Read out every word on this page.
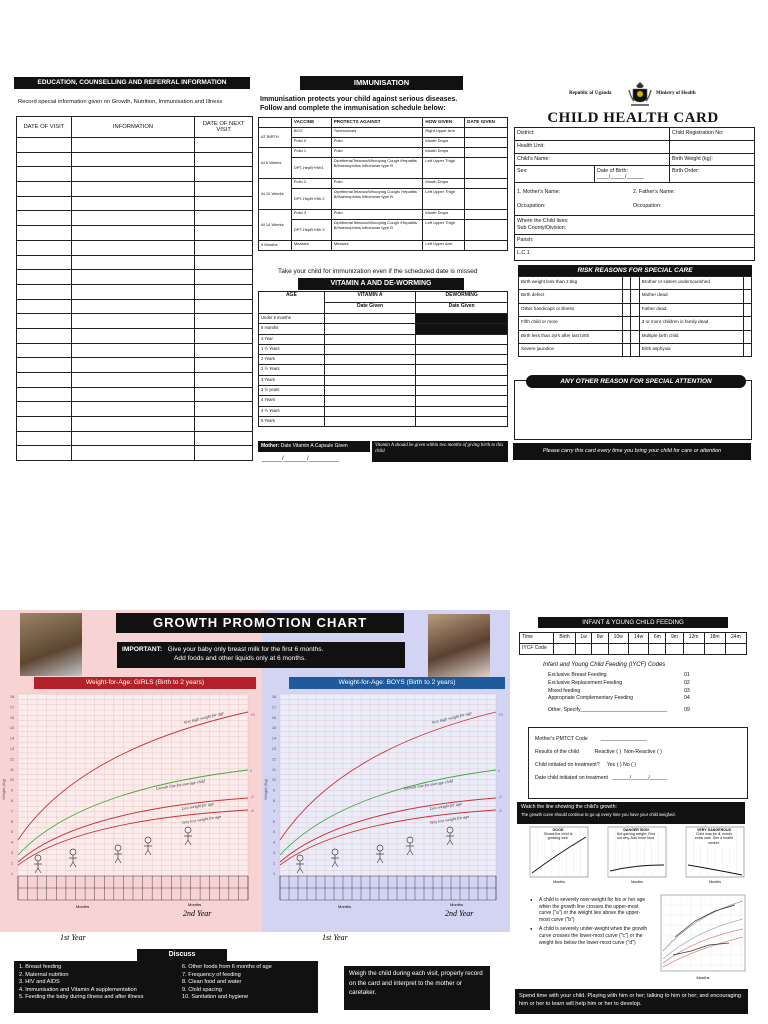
EDUCATION, COUNSELLING AND REFERRAL INFORMATION
Record special information given on Growth, Nutrition, Immunisation and Illness
DATE OF VISIT	INFORMATION	DATE OF NEXT VISIT

IMMUNISATION
Immunisation protects your child against serious diseases.
Follow and complete the immunisation schedule below:
	VACCINE	PROTECTS AGAINST	HOW GIVEN	DATE GIVEN
AT BIRTH	BCG	Tuberculosis	Right Upper Arm	
	Polio 0	Polio	Mouth Drops	
At 6 Weeks	Polio 1	Polio	Mouth Drops	
	DPT-HepB+Hib1	Diphtheria/Tetanus/Whooping Cough /Hepatitis B/Haemophilus Influenzae type B	Left Upper Thigh	
At 10 Weeks	Polio 2	Polio	Mouth Drops	
	DPT-HepB+Hib 2	Diphtheria/Tetanus/Whooping Cough/ Hepatitis B/Haemophilus Influenzae type B	Left Upper Thigh	
At 14 Weeks	Polio 3	Polio	Mouth Drops	
	DPT-HepB+Hib 3	Diphtheria/Tetanus/Whooping Cough /Hepatitis B/Haemophilus Influenzae type B	Left Upper Thigh	
9 Months	Measles	Measles	Left Upper Arm	
Take your child for immunization even if the scheduled date is missed
VITAMIN A AND DE-WORMING
AGE	VITAMIN A	DEWORMING
	Date Given	Date Given
Under 6 months		
6 months		
1 Year		
1 ½ Years		
2 Years		
2 ½ Years		
3 Years		
3 ½ years		
4 Years		
4 ½ Years		
5 Years		
Mother: Date Vitamin A Capsule Given
______/_______/_________
Vitamin A should be given within two months of giving birth to this child
Republic of Uganda	Ministry of Health
CHILD HEALTH CARD
District:	Child Registration No:
Health Unit:	
Child's Name:	Birth Weight (kg):

Sex: Date of Birth:
____/_____/______	Birth Order:

1. Mother's Name: 2. Father's Name:
Occupation: Occupation:	

Where the Child lives:
Sub County/Division:	

Parish:	
L.C.1	
RISK REASONS FOR SPECIAL CARE
Birth weight less than 2.5kg			Brother or sisters undernourished	
Birth defect			Mother dead	
Other handicaps or illness			Father dead	
Fifth child or more			3 or more children in family dead	
Birth less than 2yrs after last birth			Multiple birth child	
Severe jaundice			Birth asphyxia	
ANY OTHER REASON FOR SPECIAL ATTENTION
Please carry this card every time you bring your child for care or attention
GROWTH PROMOTION CHART
IMPORTANT: Give your baby only breast milk for the first 6 months.
Add foods and other liquids only at 6 months.
Weight-for-Age: GIRLS (Birth to 2 years)	Weight-for-Age: BOYS (Birth to 2 years)
18
17
16
15
14
13
12
11
10
9
8
7
6
5
4
3
2
1
Weight (Kg)
Very high weight for age	+3
Growth line for average child
0
Low weight for age
-2
Very low weight for age
-3
Months	Months
2nd Year
1st Year
18
17
16
15
14
13
12
11
10
9
8
7
6
5
4
3
2
1
Weight (Kg)
Very high weight for age	+3
Growth line for average child
0
Low weight for age
-2
Very low weight for age
-3
Months	Months
2nd Year
1st Year
Discuss
1. Breast feeding
2. Maternal nutrition
3. HIV and AIDS
4. Immunisation and Vitamin A supplementation
5. Feeding the baby during illness and after illness
6. Other foods from 6 months of age
7. Frequency of feeding
8. Clean food and water
9. Child spacing
10. Sanitation and hygiene
Weigh the child during each visit, properly record on the card and interpret to the mother or caretaker.
INFANT & YOUNG CHILD FEEDING
Time	Birth	1w	6w	10w	14w	6m	9m	12m	18m	24m
IYCF Code										
Infant and Young Child Feeding (IYCF) Codes
Exclusive Breast Feeding	01
Exclusive Replacement Feeding	02
Mixed feeding	03
Appropriate Complementary Feeding	04
Other, Specify______________________________	09
Mother's PMTCT Code ________________
Results of the child	Reactive ( ) Non-Reactive ( )
Child initiated on treatment? Yes ( ) No ( )
Date child initiated on treatment ______/______/______
Watch the line showing the child's growth:
The growth curve should continue to go up every time you have your child weighed.
Months
GOOD
Shows the child is growing well.
Months
DANGER SIGN
Not gaining weight. Find out why. Add more food.
Months
VERY DANGEROUS
Child may be ill, needs extra care. See a health worker.
● A child is severely over-weight for his or her age when the growth line crosses the upper-most curve ("a") or the weight lies above the upper-most curve ("b")
● A child is severely under-weight when the growth curve crosses the lower-most curve ("c") or the weight lies below the lower-most curve ("d")
Months
Spend time with your child. Playing with him or her; talking to him or her; and encouraging him or her to learn will help him or her to develop.
